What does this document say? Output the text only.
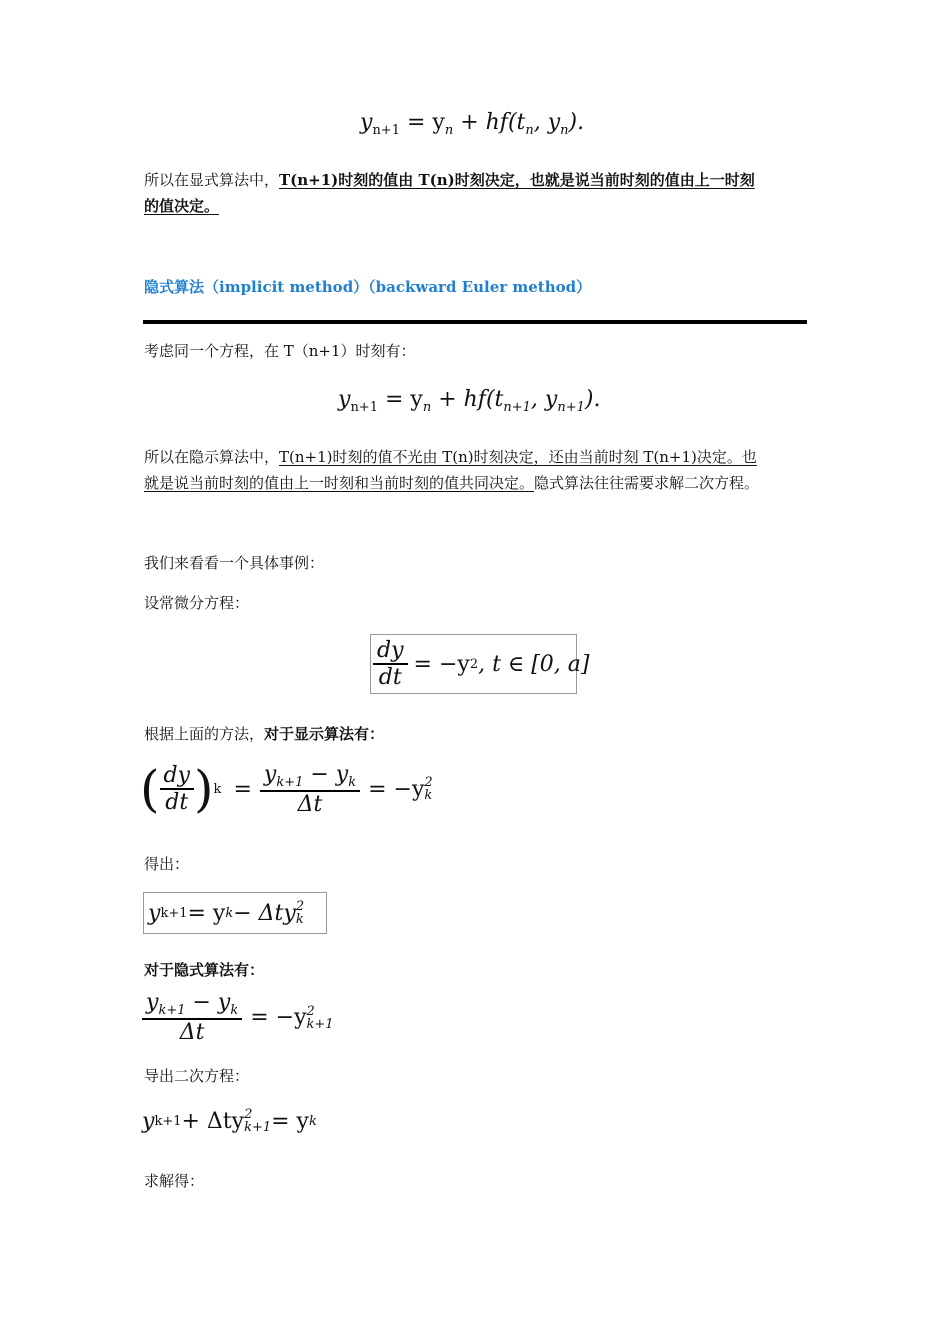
$y_{n+1} = y_n + hf(t_n$, $y_n$).
所以在显式算法中，T(n+1)时刻的值由 T(n)时刻决定，也就是说当前时刻的值由上一时刻
的值决定。
隐式算法（implicit method）（backward Euler method）
考虑同一个方程，在 T（n+1）时刻有：
$y_{n+1} = y_n + hf(t_{n+1}$, $y_{n+1}$).
所以在隐示算法中，T(n+1)时刻的值不光由 T(n)时刻决定，还由当前时刻 T(n+1)决定。也
就是说当前时刻的值由上一时刻和当前时刻的值共同决定。隐式算法往往需要求解二次方程。
我们来看看一个具体事例：
设常微分方程：
$\frac{dy}{dt} = -y$ 2 , t ∈ [0, a]
根据上面的方法，对于显示算法有：
( $\frac{dy}{dt}$ ) $k = \frac{y_{k+1} - y_k}{\Delta t} = -y$ 2
k
得出：
y k+1 = y k − Δty 2
k
对于隐式算法有：
$\frac{y_{k+1} - y_k}{\Delta t} = -y$ 2
k+1
导出二次方程：
y k+1 + Δty 2
k+1 = y k
求解得：
